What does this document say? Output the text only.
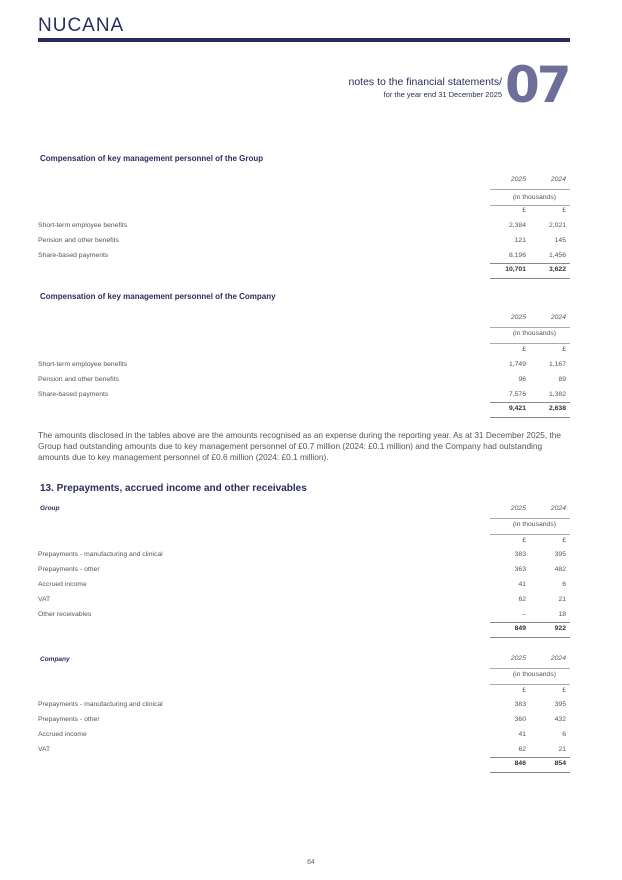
NUCANA
notes to the financial statements/
for the year end 31 December 2025 07
Compensation of key management personnel of the Group
2025	2024
(in thousands)
£	£
Short-term employee benefits	2,384	2,021
Pension and other benefits	121	145
Share-based payments	8,196	1,456
10,701	3,622
Compensation of key management personnel of the Company
2025	2024
(in thousands)
£	£
Short-term employee benefits	1,749	1,167
Pension and other benefits	96	89
Share-based payments	7,576	1,382
9,421	2,638
The amounts disclosed in the tables above are the amounts recognised as an expense during the reporting year. As at 31 December 2025, the Group had outstanding amounts due to key management personnel of £0.7 million (2024: £0.1 million) and the Company had outstanding amounts due to key management personnel of £0.6 million (2024: £0.1 million).
13. Prepayments, accrued income and other receivables
Group	2025	2024
(in thousands)
£	£
Prepayments - manufacturing and clinical	383	395
Prepayments - other	363	482
Accrued income	41	6
VAT	62	21
Other receivables	–	18
849	922
Company	2025	2024
(in thousands)
£	£
Prepayments - manufacturing and clinical	383	395
Prepayments - other	360	432
Accrued income	41	6
VAT	62	21
846	854
64
